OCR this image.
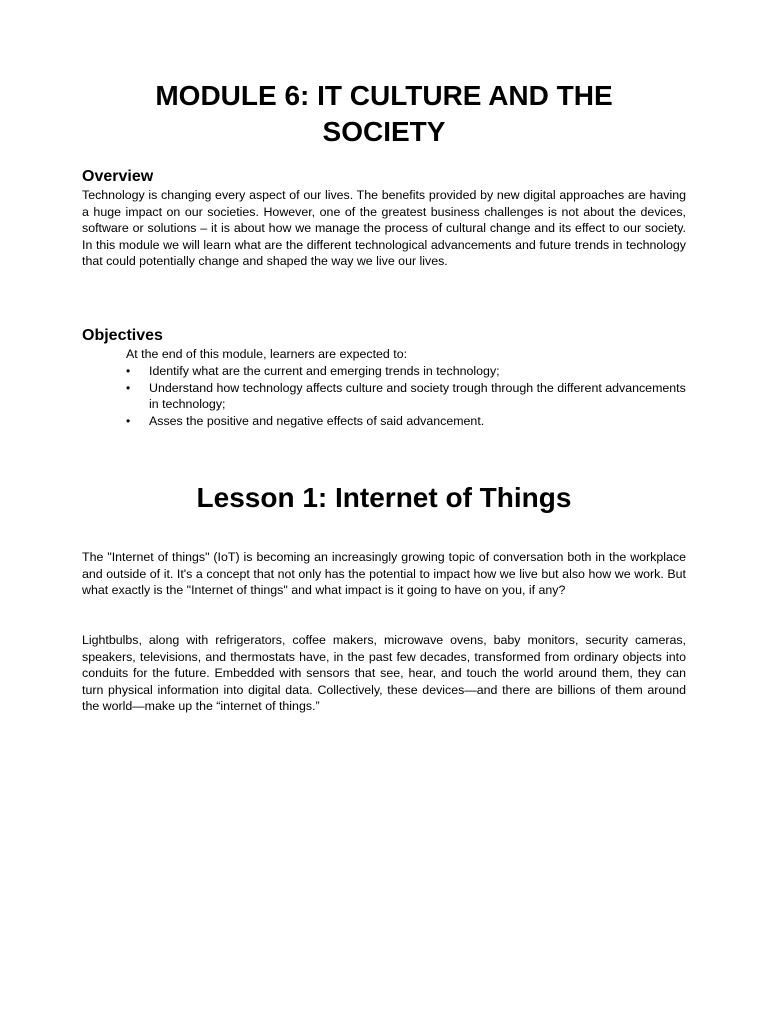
MODULE 6: IT CULTURE AND THE
SOCIETY
Overview

Technology is changing every aspect of our lives. The benefits provided by new digital approaches are having a huge impact on our societies. However, one of the greatest business challenges is not about the devices, software or solutions – it is about how we manage the process of cultural change and its effect to our society. In this module we will learn what are the different technological advancements and future trends in technology that could potentially change and shaped the way we live our lives.

Objectives

At the end of this module, learners are expected to:

• Identify what are the current and emerging trends in technology;
• Understand how technology affects culture and society trough through the different advancements in technology;
• Asses the positive and negative effects of said advancement.
Lesson 1: Internet of Things

The "Internet of things" (IoT) is becoming an increasingly growing topic of conversation both in the workplace and outside of it. It's a concept that not only has the potential to impact how we live but also how we work. But what exactly is the "Internet of things" and what impact is it going to have on you, if any?

Lightbulbs, along with refrigerators, coffee makers, microwave ovens, baby monitors, security cameras, speakers, televisions, and thermostats have, in the past few decades, transformed from ordinary objects into conduits for the future. Embedded with sensors that see, hear, and touch the world around them, they can turn physical information into digital data. Collectively, these devices—and there are billions of them around the world—make up the “internet of things.”
